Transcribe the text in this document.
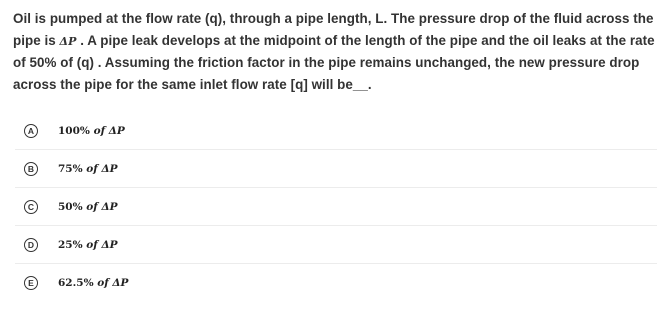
Oil is pumped at the flow rate (q), through a pipe length, L. The pressure drop of the fluid across the pipe is ΔP . A pipe leak develops at the midpoint of the length of the pipe and the oil leaks at the rate of 50% of (q) . Assuming the friction factor in the pipe remains unchanged, the new pressure drop across the pipe for the same inlet flow rate [q] will be__.
A	100% of ΔP
B	75% of ΔP
C	50% of ΔP
D	25% of ΔP
E	62.5% of ΔP
